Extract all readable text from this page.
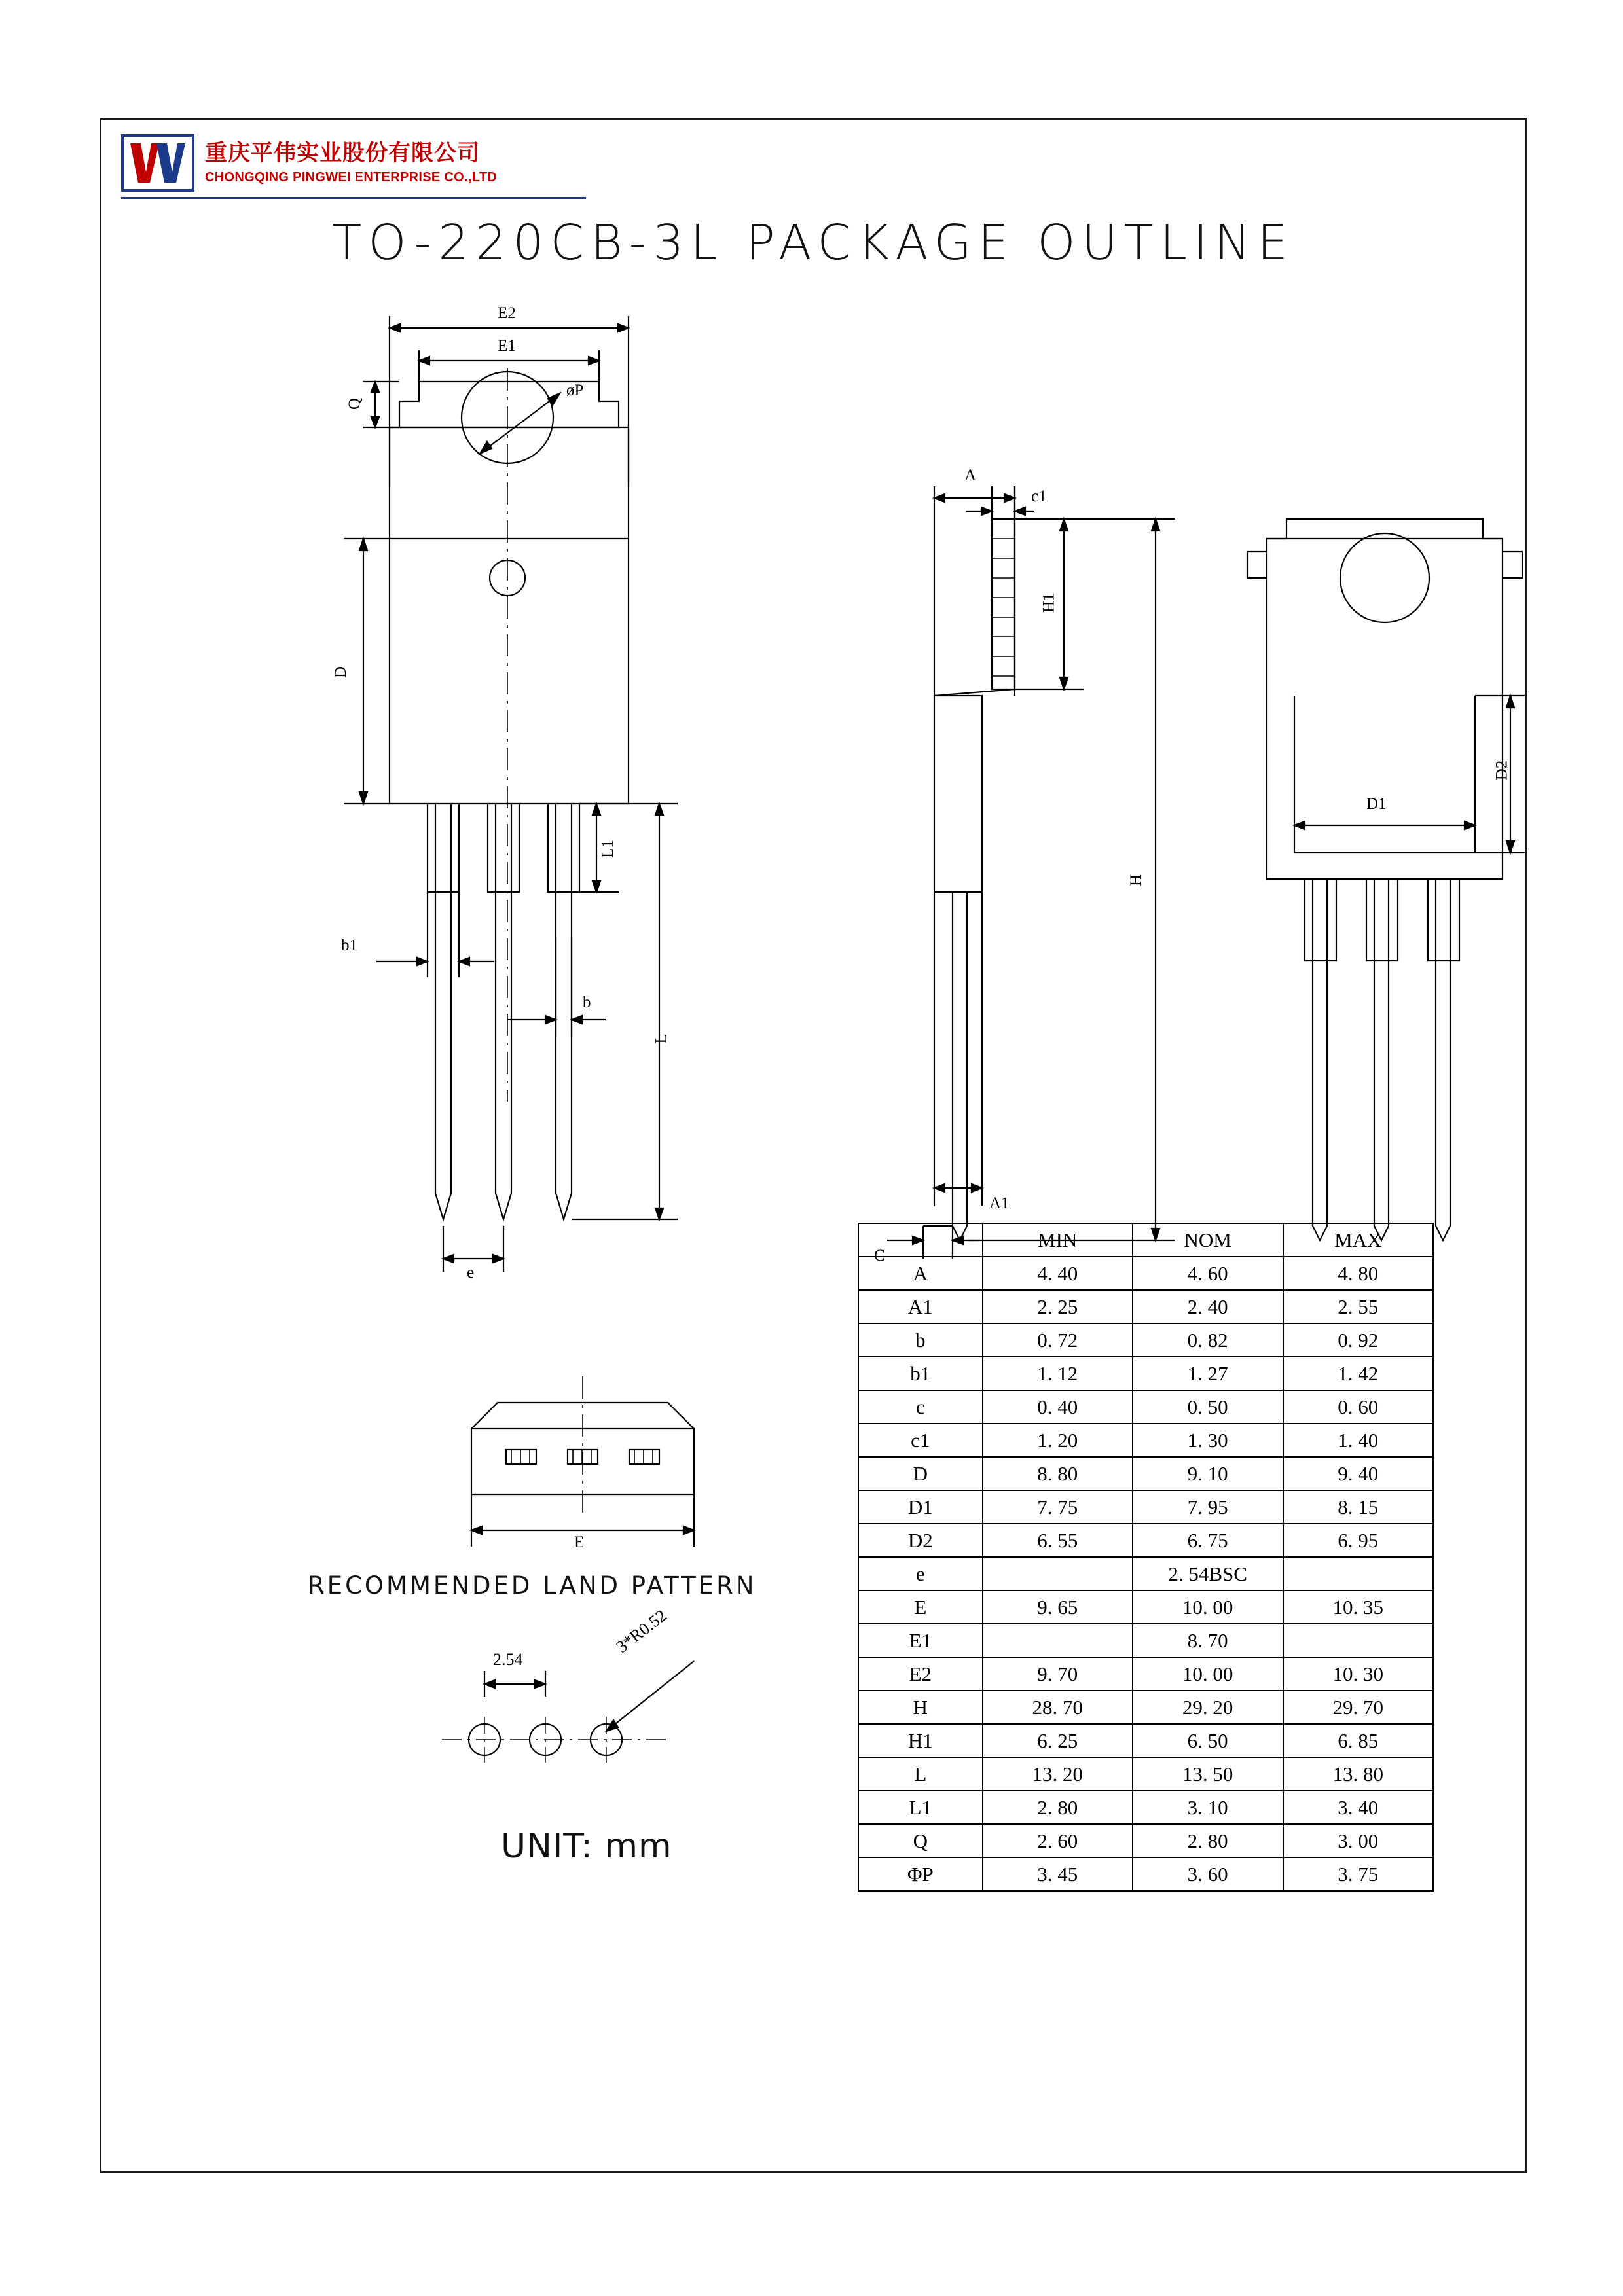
重庆平伟实业股份有限公司
CHONGQING PINGWEI ENTERPRISE CO.,LTD
TO-220CB-3L PACKAGE OUTLINE
E2
E1
Q
øP
D
L1
b1
b
L
e
A
c1
H1
H
A1
C
D2
D1
E
2.54
3*R0.52
RECOMMENDED LAND PATTERN
UNIT: mm
	MIN	NOM	MAX
A	4. 40	4. 60	4. 80
A1	2. 25	2. 40	2. 55
b	0. 72	0. 82	0. 92
b1	1. 12	1. 27	1. 42
c	0. 40	0. 50	0. 60
c1	1. 20	1. 30	1. 40
D	8. 80	9. 10	9. 40
D1	7. 75	7. 95	8. 15
D2	6. 55	6. 75	6. 95
e		2. 54BSC	
E	9. 65	10. 00	10. 35
E1		8. 70	
E2	9. 70	10. 00	10. 30
H	28. 70	29. 20	29. 70
H1	6. 25	6. 50	6. 85
L	13. 20	13. 50	13. 80
L1	2. 80	3. 10	3. 40
Q	2. 60	2. 80	3. 00
ΦP	3. 45	3. 60	3. 75
